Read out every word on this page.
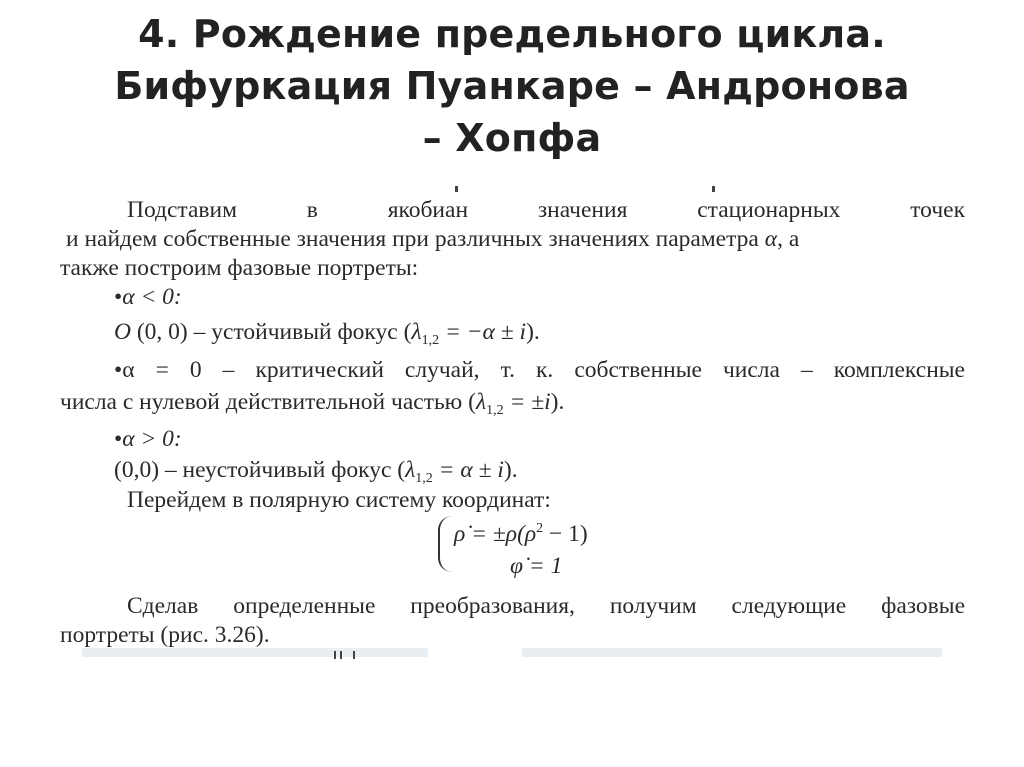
4. Рождение предельного цикла.
Бифуркация Пуанкаре – Андронова
– Хопфа
Подставим в якобиан значения стационарных точек
и найдем собственные значения при различных значениях параметра α, а
также построим фазовые портреты:
•α < 0:
O (0, 0) – устойчивый фокус $(\lambda_{1,2} = -\alpha \pm i)$.
•α = 0 – критический случай, т. к. собственные числа – комплексные
числа с нулевой действительной частью $(\lambda_{1,2} = \pm i)$.
•α > 0:
(0,0) – неустойчивый фокус $(\lambda_{1,2} = \alpha \pm i)$.
Перейдем в полярную систему координат:
ρ̇ = $\pm\rho(\rho^2 - 1)$
φ̇ = 1
Сделав определенные преобразования, получим следующие фазовые
портреты (рис. 3.26).
